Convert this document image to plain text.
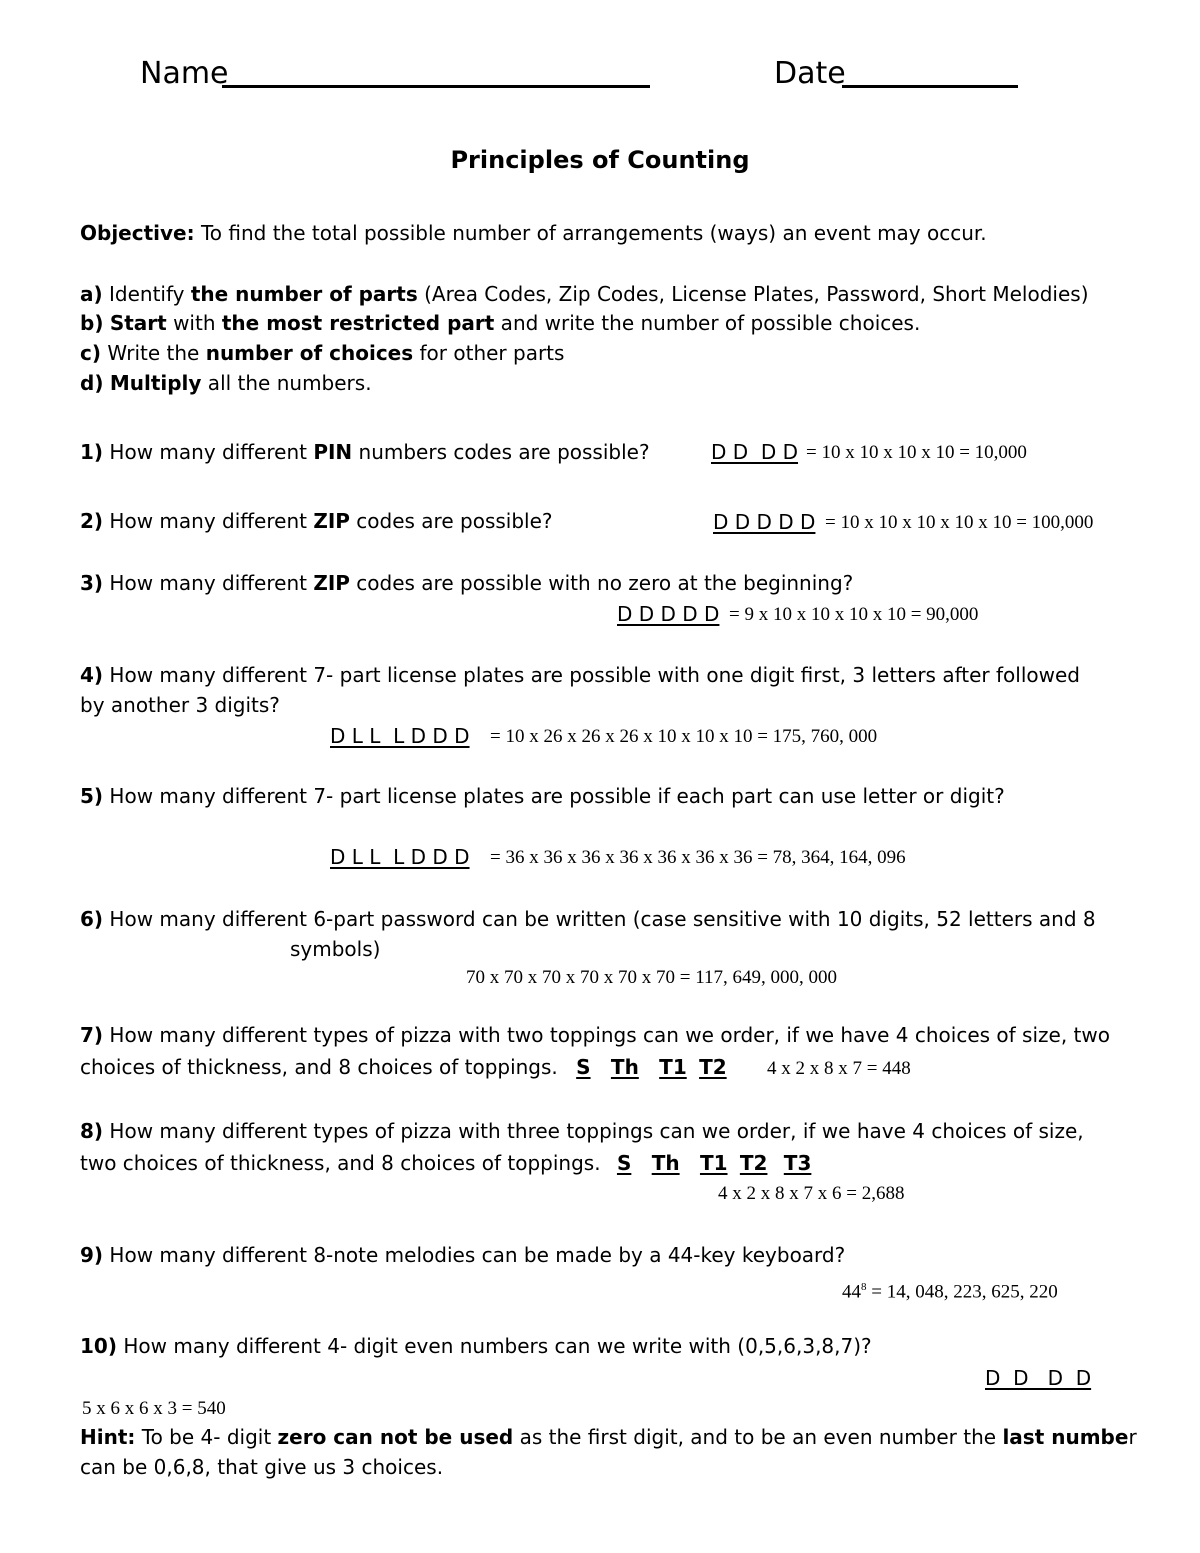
Name	Date
Principles of Counting
Objective: To find the total possible number of arrangements (ways) an event may occur.
a) Identify the number of parts (Area Codes, Zip Codes, License Plates, Password, Short Melodies)
b) Start with the most restricted part and write the number of possible choices.
c) Write the number of choices for other parts
d) Multiply all the numbers.
1) How many different PIN numbers codes are possible?	D D  D D = 10 x 10 x 10 x 10 = 10,000
2) How many different ZIP codes are possible?	D D D D D = 10 x 10 x 10 x 10 x 10 = 100,000
3) How many different ZIP codes are possible with no zero at the beginning?
D D D D D = 9 x 10 x 10 x 10 x 10 = 90,000
4) How many different 7- part license plates are possible with one digit first, 3 letters after followed
by another 3 digits?
D L L  L D D D = 10 x 26 x 26 x 26 x 10 x 10 x 10 = 175, 760, 000
5) How many different 7- part license plates are possible if each part can use letter or digit?
D L L  L D D D = 36 x 36 x 36 x 36 x 36 x 36 x 36 = 78, 364, 164, 096
6) How many different 6-part password can be written (case sensitive with 10 digits, 52 letters and 8
symbols)
70 x 70 x 70 x 70 x 70 x 70 = 117, 649, 000, 000
7) How many different types of pizza with two toppings can we order, if we have 4 choices of size, two
choices of thickness, and 8 choices of toppings. S Th T1 T2 4 x 2 x 8 x 7 = 448
8) How many different types of pizza with three toppings can we order, if we have 4 choices of size,
two choices of thickness, and 8 choices of toppings. S Th T1 T2 T3
4 x 2 x 8 x 7 x 6 = 2,688
9) How many different 8-note melodies can be made by a 44-key keyboard?
$44^8 = 14$, 048, 223, 625, 220
10) How many different 4- digit even numbers can we write with (0,5,6,3,8,7)?
D  D   D  D
5 x 6 x 6 x 3 = 540
Hint: To be 4- digit zero can not be used as the first digit, and to be an even number the last number
can be 0,6,8, that give us 3 choices.
